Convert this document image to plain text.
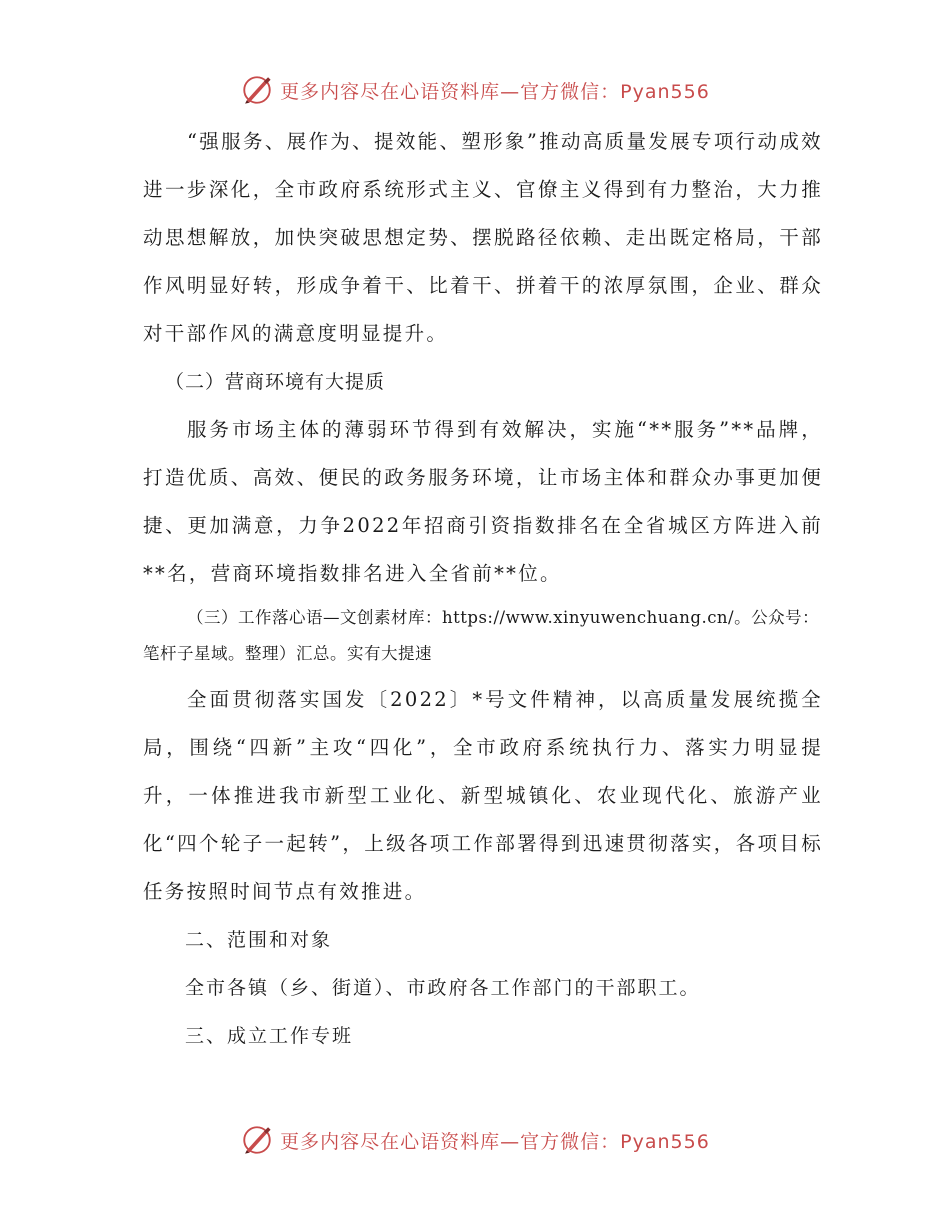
更多内容尽在心语资料库—官方微信：Pyan556

“强服务、展作为、提效能、塑形象”推动高质量发展专项行动成效进一步深化，全市政府系统形式主义、官僚主义得到有力整治，大力推动思想解放，加快突破思想定势、摆脱路径依赖、走出既定格局，干部作风明显好转，形成争着干、比着干、拼着干的浓厚氛围，企业、群众对干部作风的满意度明显提升。

（二）营商环境有大提质

服务市场主体的薄弱环节得到有效解决，实施“**服务”**品牌，打造优质、高效、便民的政务服务环境，让市场主体和群众办事更加便捷、更加满意，力争2022年招商引资指数排名在全省城区方阵进入前**名，营商环境指数排名进入全省前**位。

（三）工作落心语—文创素材库：https://www.xinyuwenchuang.cn/。公众号：笔杆子星域。整理）汇总。实有大提速

全面贯彻落实国发〔2022〕*号文件精神，以高质量发展统揽全局，围绕“四新”主攻“四化”，全市政府系统执行力、落实力明显提升，一体推进我市新型工业化、新型城镇化、农业现代化、旅游产业化“四个轮子一起转”，上级各项工作部署得到迅速贯彻落实，各项目标任务按照时间节点有效推进。

二、范围和对象

全市各镇（乡、街道）、市政府各工作部门的干部职工。

三、成立工作专班

更多内容尽在心语资料库—官方微信：Pyan556
